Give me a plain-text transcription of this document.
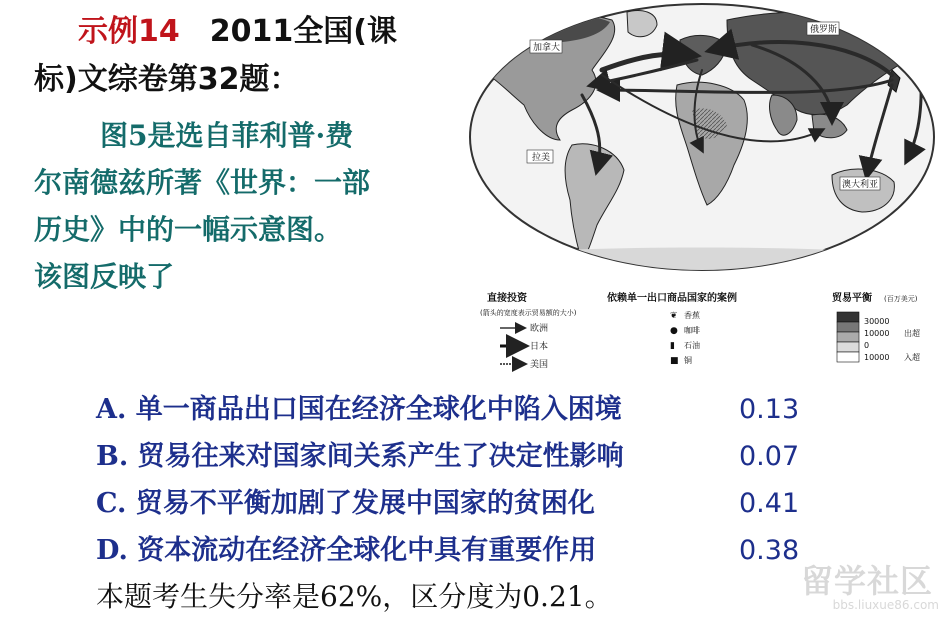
示例14 2011全国(课
标)文综卷第32题：
图5是选自菲利普·费
尔南德兹所著《世界：一部
历史》中的一幅示意图。
该图反映了
加拿大
俄罗斯
拉美
澳大利亚
直接投资
(箭头的宽度表示贸易额的大小)
欧洲
日本
美国
依赖单一出口商品国家的案例
❦ 香蕉
● 咖啡
▮ 石油
■ 铜
贸易平衡 (百万美元)
30000
10000 出超
0
10000 入超
A. 单一商品出口国在经济全球化中陷入困境	0.13
B. 贸易往来对国家间关系产生了决定性影响	0.07
C. 贸易不平衡加剧了发展中国家的贫困化	0.41
D. 资本流动在经济全球化中具有重要作用	0.38
本题考生失分率是62%，区分度为0.21。	留学社区
bbs.liuxue86.com
